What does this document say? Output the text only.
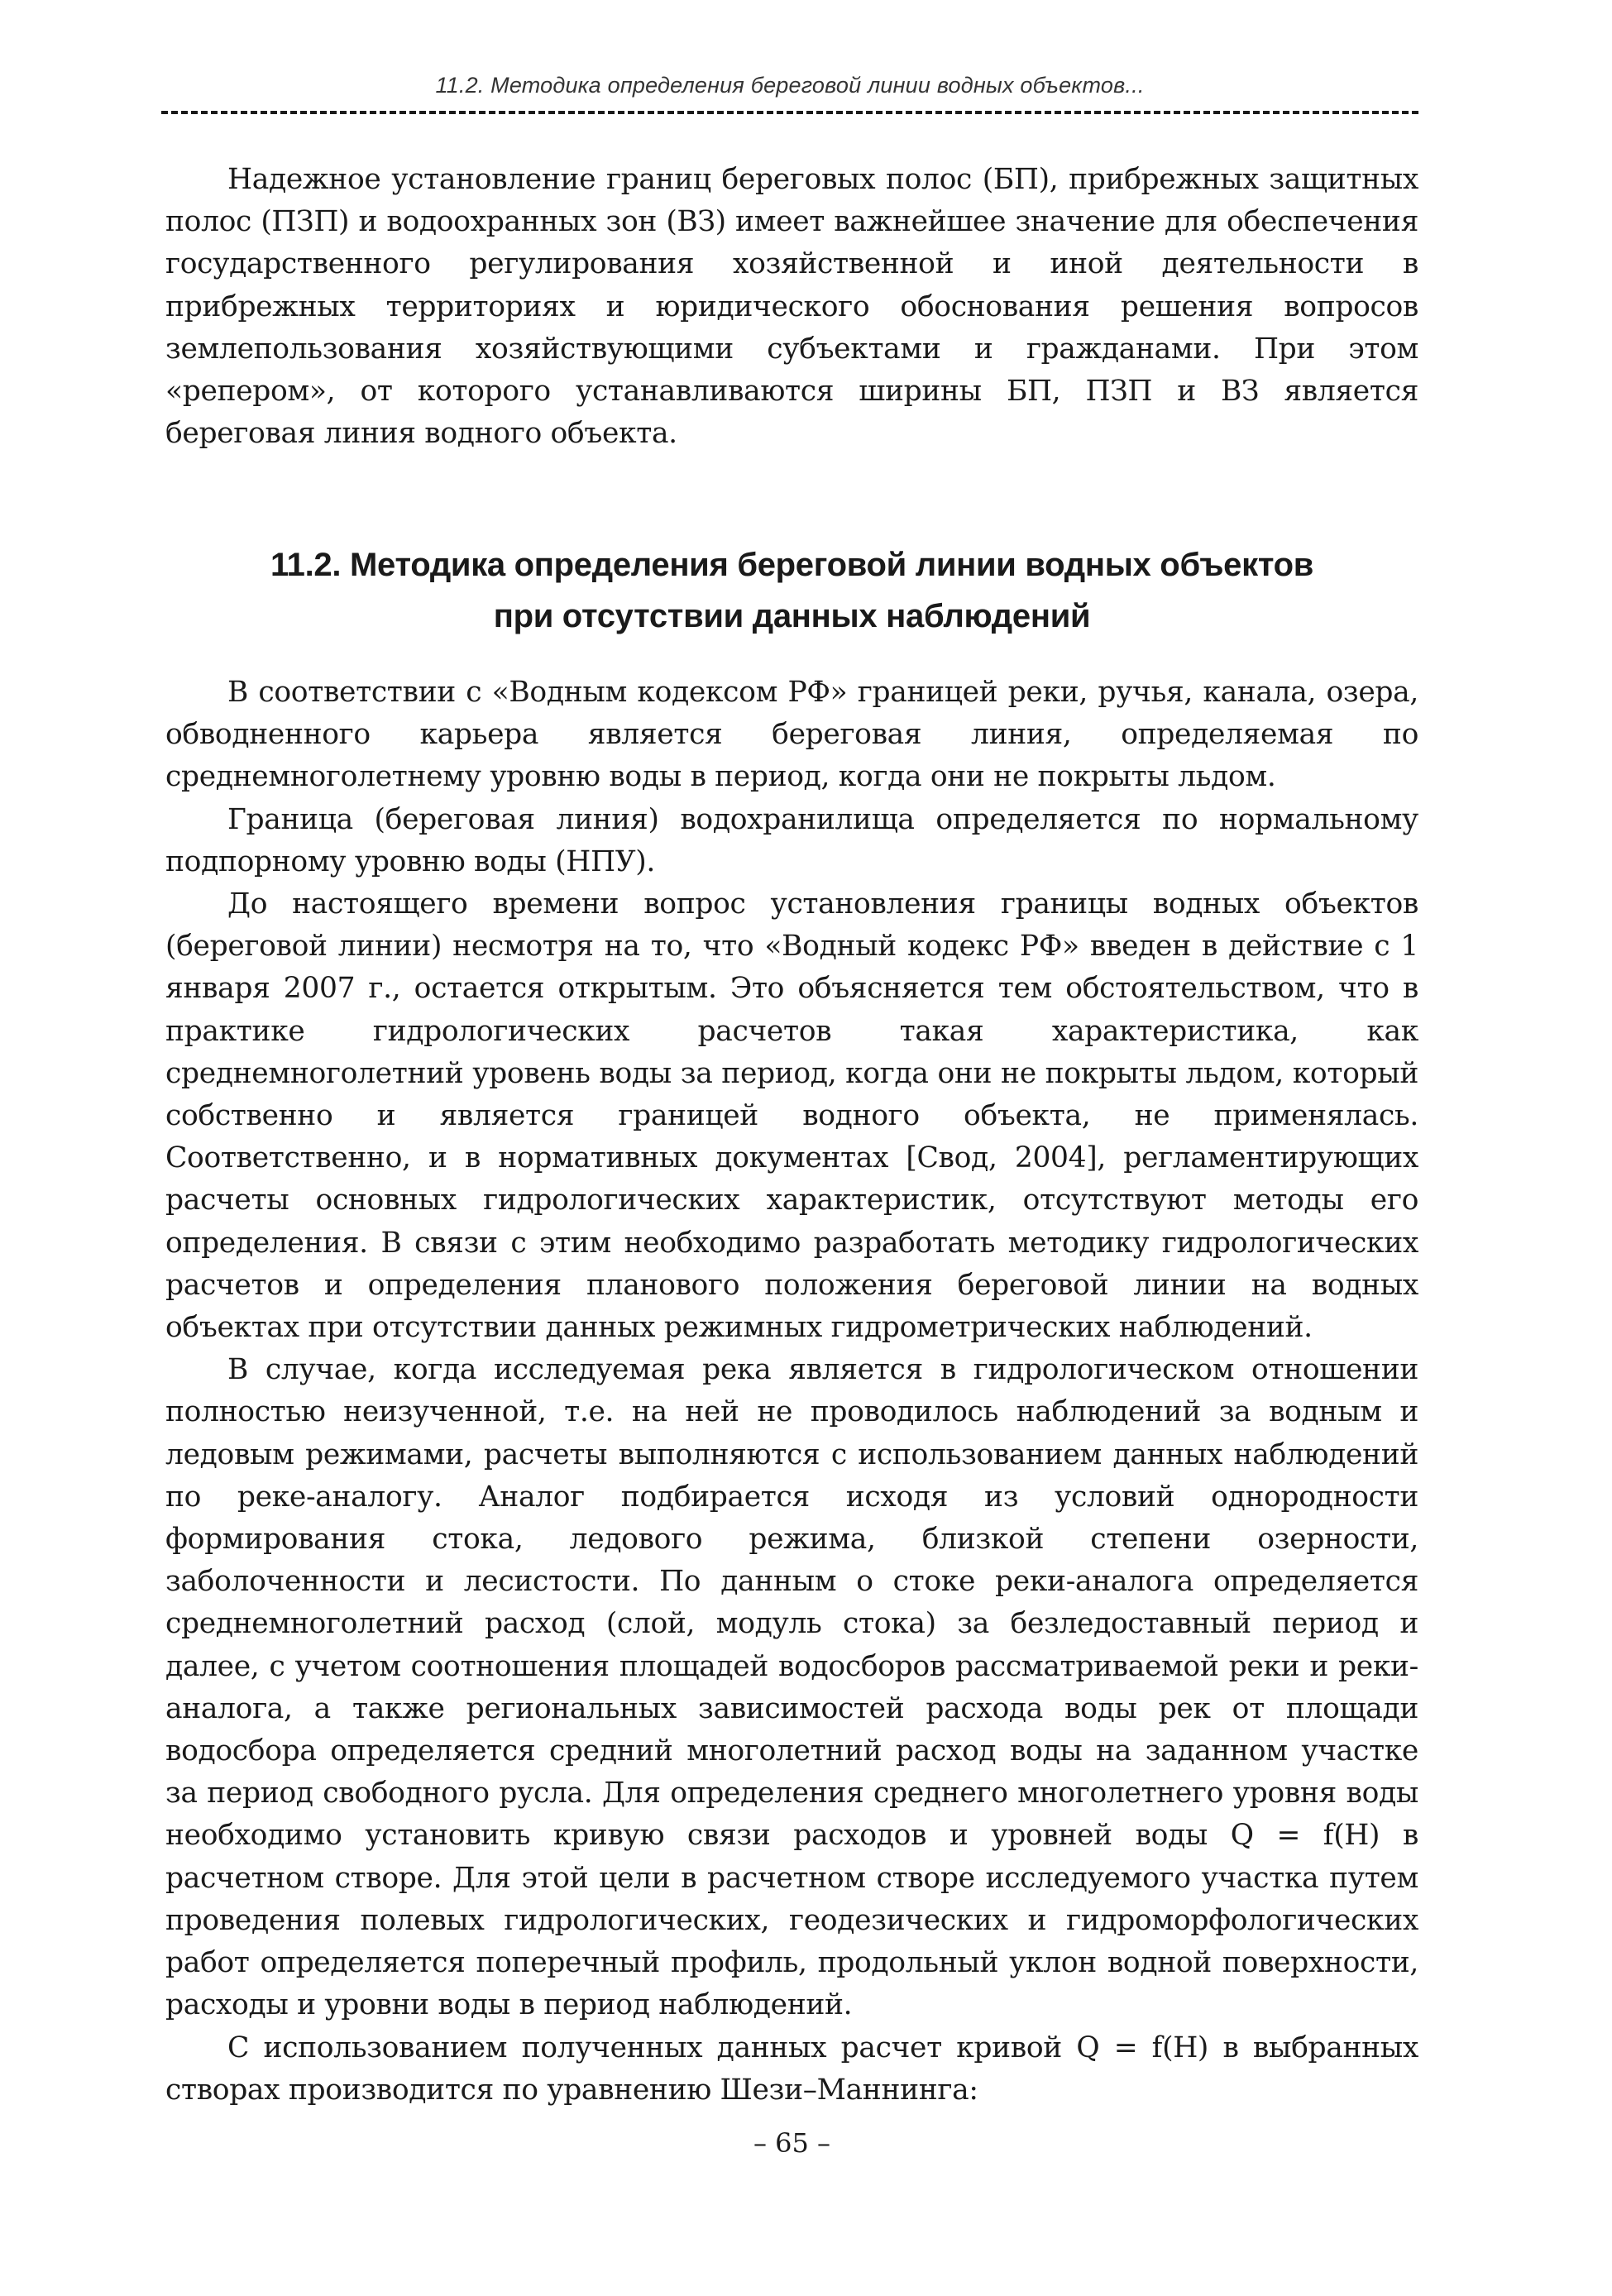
11.2. Методика определения береговой линии водных объектов...

Надежное установление границ береговых полос (БП), прибрежных защитных полос (ПЗП) и водоохранных зон (ВЗ) имеет важнейшее значение для обеспечения государственного регулирования хозяйственной и иной деятельности в прибрежных территориях и юридического обоснования решения вопросов землепользования хозяйствующими субъектами и гражданами. При этом «репером», от которого устанавливаются ширины БП, ПЗП и ВЗ является береговая линия водного объекта.

11.2. Методика определения береговой линии водных объектов
при отсутствии данных наблюдений

В соответствии с «Водным кодексом РФ» границей реки, ручья, канала, озера, обводненного карьера является береговая линия, определяемая по среднемноголетнему уровню воды в период, когда они не покрыты льдом.

Граница (береговая линия) водохранилища определяется по нормальному подпорному уровню воды (НПУ).

До настоящего времени вопрос установления границы водных объектов (береговой линии) несмотря на то, что «Водный кодекс РФ» введен в действие с 1 января 2007 г., остается открытым. Это объясняется тем обстоятельством, что в практике гидрологических расчетов такая характеристика, как среднемноголетний уровень воды за период, когда они не покрыты льдом, который собственно и является границей водного объекта, не применялась. Соответственно, и в нормативных документах [Свод, 2004], регламентирующих расчеты основных гидрологических характеристик, отсутствуют методы его определения. В связи с этим необходимо разработать методику гидрологических расчетов и определения планового положения береговой линии на водных объектах при отсутствии данных режимных гидрометрических наблюдений.

В случае, когда исследуемая река является в гидрологическом отношении полностью неизученной, т.е. на ней не проводилось наблюдений за водным и ледовым режимами, расчеты выполняются с использованием данных наблюдений по реке-аналогу. Аналог подбирается исходя из условий однородности формирования стока, ледового режима, близкой степени озерности, заболоченности и лесистости. По данным о стоке реки-аналога определяется среднемноголетний расход (слой, модуль стока) за безледоставный период и далее, с учетом соотношения площадей водосборов рассматриваемой реки и реки-аналога, а также региональных зависимостей расхода воды рек от площади водосбора определяется средний многолетний расход воды на заданном участке за период свободного русла. Для определения среднего многолетнего уровня воды необходимо установить кривую связи расходов и уровней воды Q = f(H) в расчетном створе. Для этой цели в расчетном створе исследуемого участка путем проведения полевых гидрологических, геодезических и гидроморфологических работ определяется поперечный профиль, продольный уклон водной поверхности, расходы и уровни воды в период наблюдений.

С использованием полученных данных расчет кривой Q = f(H) в выбранных створах производится по уравнению Шези–Маннинга:

– 65 –
